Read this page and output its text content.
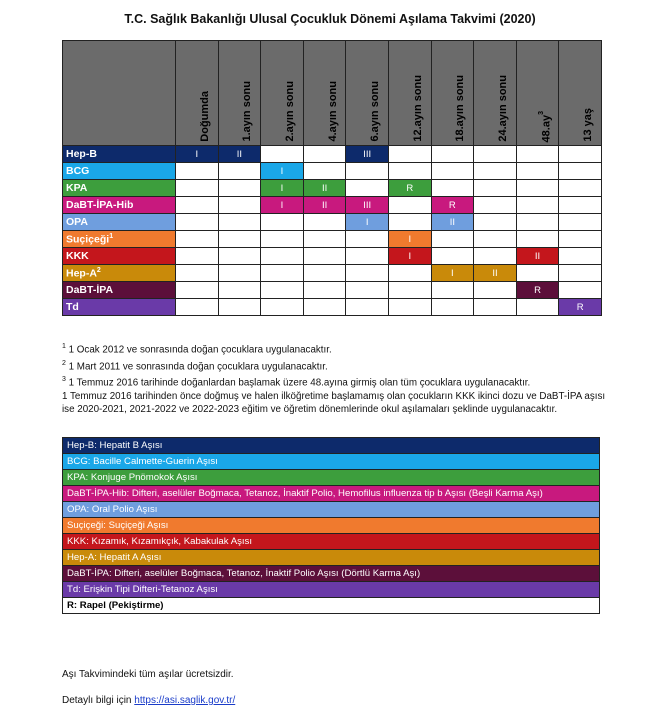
T.C. Sağlık Bakanlığı Ulusal Çocukluk Dönemi Aşılama Takvimi (2020)
	Doğumda	1.ayın sonu	2.ayın sonu	4.ayın sonu	6.ayın sonu	12.ayın sonu	18.ayın sonu	24.ayın sonu	$48.ay^3$	13 yaş
Hep-B	I	II			III					
BCG			I							
KPA			I	II		R				
DaBT-İPA-Hib			I	II	III		R			
OPA					I		II			
Suçiçeği$^1$						I				
KKK						I			II	
Hep-$A^2$							I	II		
DaBT-İPA									R	
Td										R
$^1$ 1 Ocak 2012 ve sonrasında doğan çocuklara uygulanacaktır.
$^2$ 1 Mart 2011 ve sonrasında doğan çocuklara uygulanacaktır.
$^3$ 1 Temmuz 2016 tarihinde doğanlardan başlamak üzere 48.ayına girmiş olan tüm çocuklara uygulanacaktır.
1 Temmuz 2016 tarihinden önce doğmuş ve halen ilköğretime başlamamış olan çocukların KKK ikinci dozu ve DaBT-İPA aşısı ise 2020-2021, 2021-2022 ve 2022-2023 eğitim ve öğretim dönemlerinde okul aşılamaları şeklinde uygulanacaktır.
Hep-B: Hepatit B Aşısı
BCG: Bacille Calmette-Guerin Aşısı
KPA: Konjuge Pnömokok Aşısı
DaBT-İPA-Hib: Difteri, aselüler Boğmaca, Tetanoz, İnaktif Polio, Hemofilus influenza tip b Aşısı (Beşli Karma Aşı)
OPA: Oral Polio Aşısı
Suçiçeği: Suçiçeği Aşısı
KKK: Kızamık, Kızamıkçık, Kabakulak Aşısı
Hep-A: Hepatit A Aşısı
DaBT-İPA: Difteri, aselüler Boğmaca, Tetanoz, İnaktif Polio Aşısı (Dörtlü Karma Aşı)
Td: Erişkin Tipi Difteri-Tetanoz Aşısı
R: Rapel (Pekiştirme)
Aşı Takvimindeki tüm aşılar ücretsizdir.
Detaylı bilgi için https://asi.saglik.gov.tr/
